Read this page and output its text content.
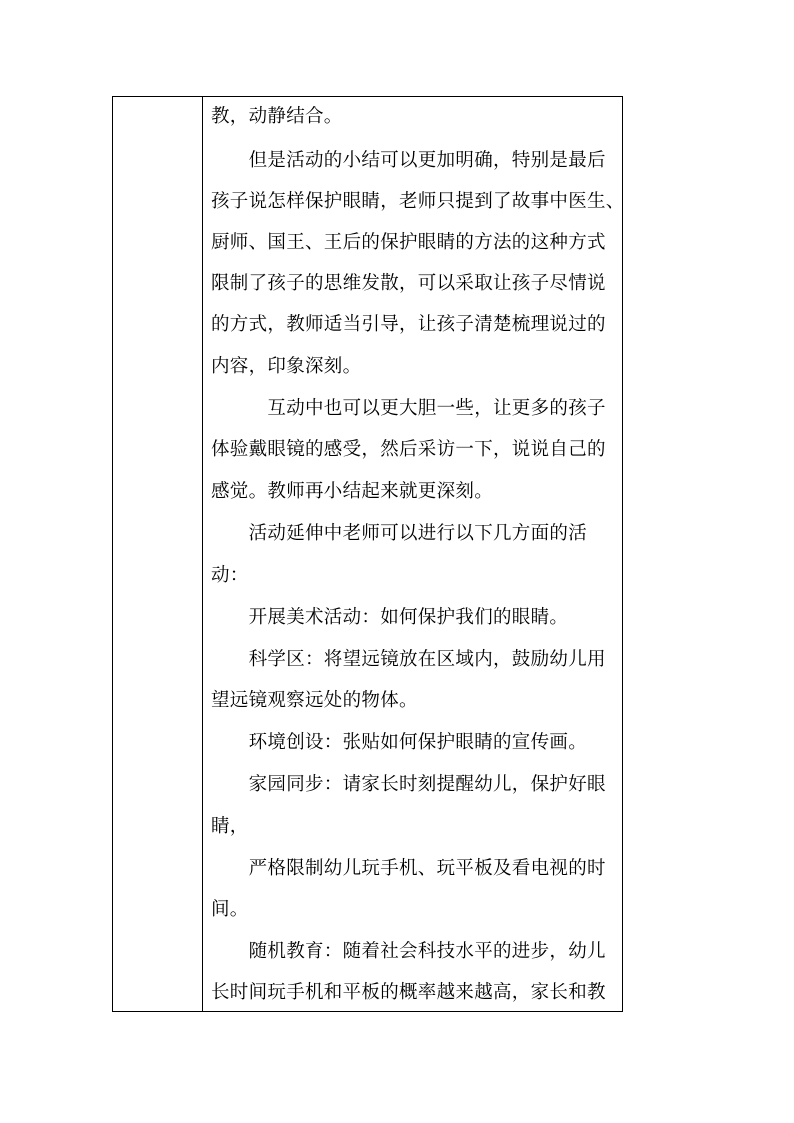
教，动静结合。

　　但是活动的小结可以更加明确，特别是最后

孩子说怎样保护眼睛，老师只提到了故事中医生、

厨师、国王、王后的保护眼睛的方法的这种方式

限制了孩子的思维发散，可以采取让孩子尽情说

的方式，教师适当引导，让孩子清楚梳理说过的

内容，印象深刻。

　　　互动中也可以更大胆一些，让更多的孩子

体验戴眼镜的感受，然后采访一下，说说自己的

感觉。教师再小结起来就更深刻。

　　活动延伸中老师可以进行以下几方面的活

动：

　　开展美术活动：如何保护我们的眼睛。

　　科学区：将望远镜放在区域内，鼓励幼儿用

望远镜观察远处的物体。

　　环境创设：张贴如何保护眼睛的宣传画。

　　家园同步：请家长时刻提醒幼儿，保护好眼

睛，

　　严格限制幼儿玩手机、玩平板及看电视的时

间。

　　随机教育：随着社会科技水平的进步，幼儿

长时间玩手机和平板的概率越来越高，家长和教
